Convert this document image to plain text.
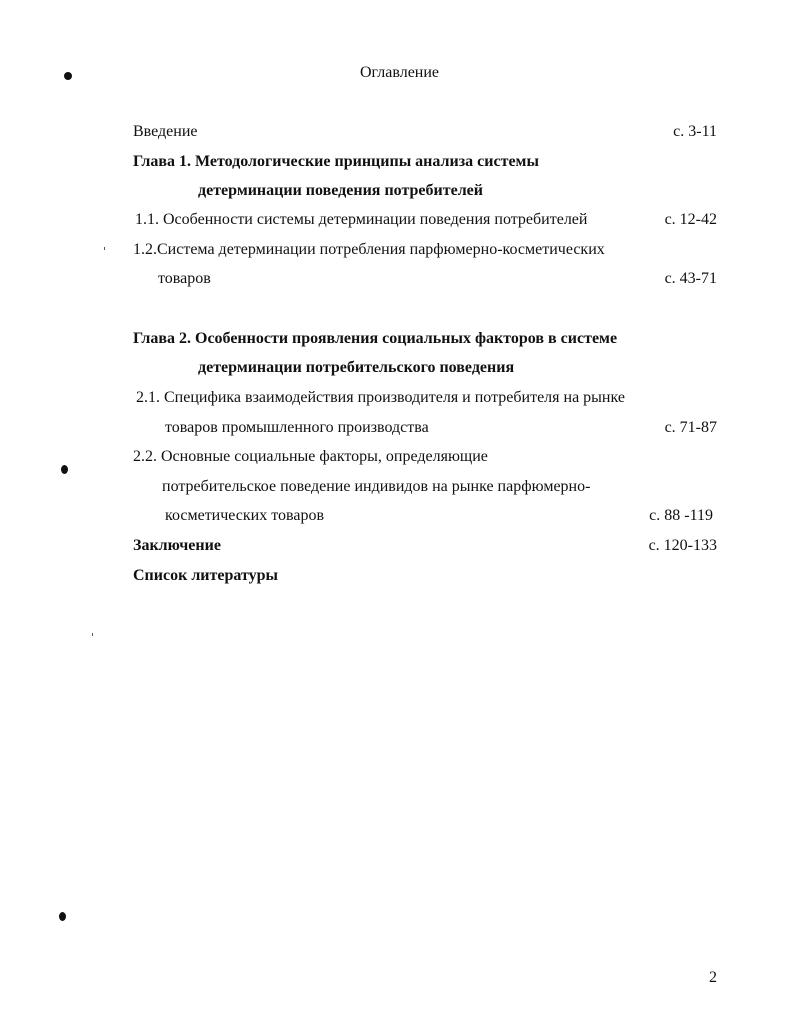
Оглавление
Введение	с. 3-11
Глава 1. Методологические принципы анализа системы
детерминации поведения потребителей
1.1. Особенности системы детерминации поведения потребителей	с. 12-42
1.2.Система детерминации потребления парфюмерно-косметических
товаров	с. 43-71
Глава 2. Особенности проявления социальных факторов в системе
детерминации потребительского поведения
2.1. Специфика взаимодействия производителя и потребителя на рынке
товаров промышленного производства	с. 71-87
2.2. Основные социальные факторы, определяющие
потребительское поведение индивидов на рынке парфюмерно-
косметических товаров	с. 88 -119
Заключение	с. 120-133
Список литературы
2
